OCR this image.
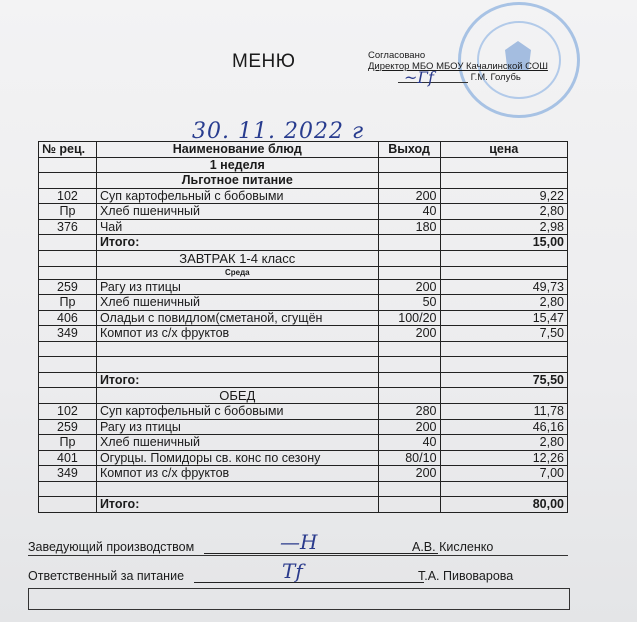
МЕНЮ	Согласовано
Директор МБО МБОУ Качалинской СОШ
Г.М. Голубь
~Гf
30. 11. 2022 г
№ рец.	Наименование блюд	Выход	цена
	1 неделя		
	Льготное питание		
102	Суп картофельный с бобовыми	200	9,22
Пр	Хлеб пшеничный	40	2,80
376	Чай	180	2,98
	Итого:		15,00
	ЗАВТРАК 1-4 класс		
	Среда		
259	Рагу из птицы	200	49,73
Пр	Хлеб пшеничный	50	2,80
406	Оладьи с повидлом(сметаной, сгущён	100/20	15,47
349	Компот из с/х фруктов	200	7,50

	Итого:		75,50
	ОБЕД		
102	Суп картофельный с бобовыми	280	11,78
259	Рагу из птицы	200	46,16
Пр	Хлеб пшеничный	40	2,80
401	Огурцы. Помидоры св. конс по сезону	80/10	12,26
349	Компот из с/х фруктов	200	7,00

	Итого:		80,00
Заведующий производством	А.В. Кисленко
—Н
Ответственный за питание	Т.А. Пивоварова
Тf
